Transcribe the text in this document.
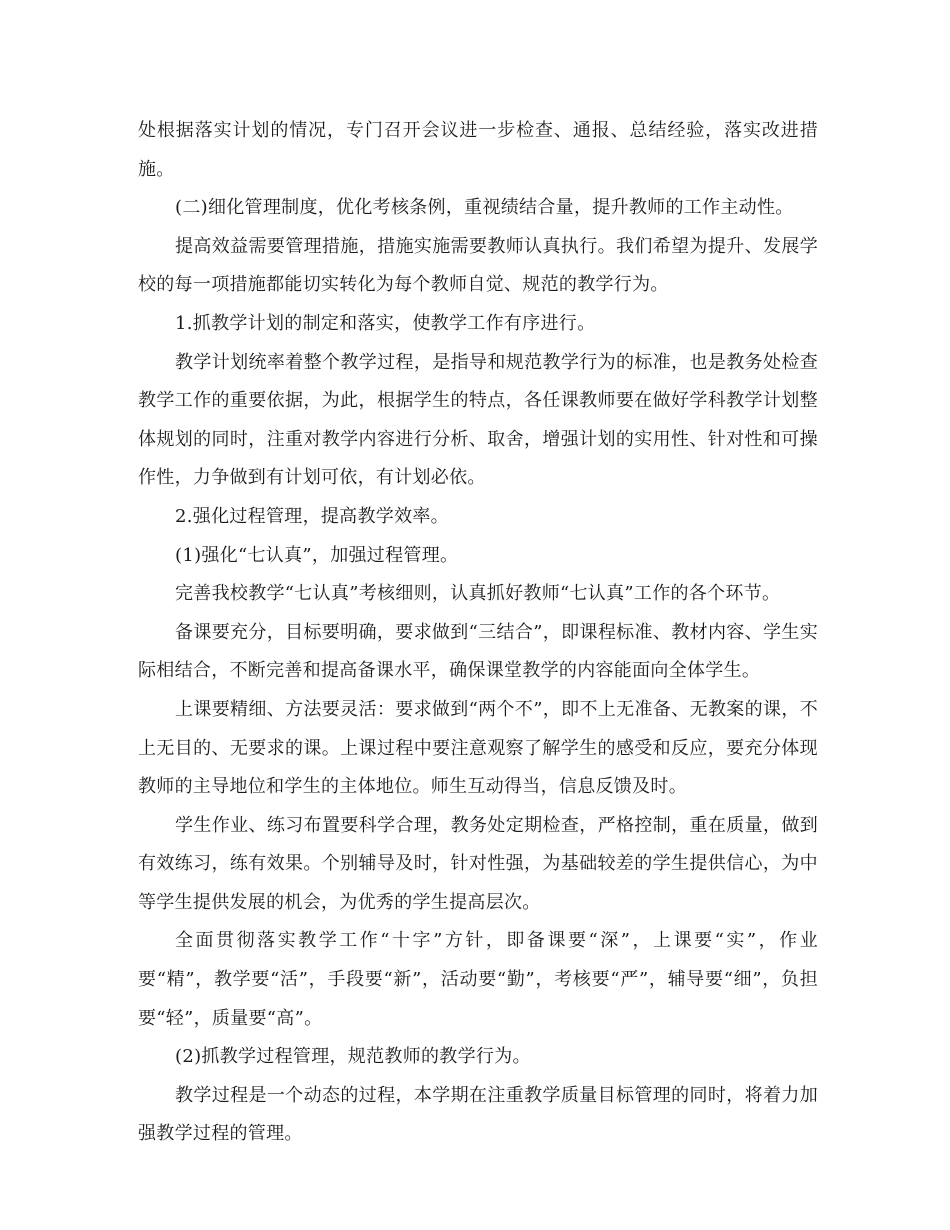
处根据落实计划的情况，专门召开会议进一步检查、通报、总结经验，落实改进措施。

(二)细化管理制度，优化考核条例，重视绩结合量，提升教师的工作主动性。

提高效益需要管理措施，措施实施需要教师认真执行。我们希望为提升、发展学校的每一项措施都能切实转化为每个教师自觉、规范的教学行为。

1.抓教学计划的制定和落实，使教学工作有序进行。

教学计划统率着整个教学过程，是指导和规范教学行为的标准，也是教务处检查教学工作的重要依据，为此，根据学生的特点，各任课教师要在做好学科教学计划整体规划的同时，注重对教学内容进行分析、取舍，增强计划的实用性、针对性和可操作性，力争做到有计划可依，有计划必依。

2.强化过程管理，提高教学效率。

(1)强化“七认真”，加强过程管理。

完善我校教学“七认真”考核细则，认真抓好教师“七认真”工作的各个环节。

备课要充分，目标要明确，要求做到“三结合”，即课程标准、教材内容、学生实际相结合，不断完善和提高备课水平，确保课堂教学的内容能面向全体学生。

上课要精细、方法要灵活：要求做到“两个不”，即不上无准备、无教案的课，不上无目的、无要求的课。上课过程中要注意观察了解学生的感受和反应，要充分体现教师的主导地位和学生的主体地位。师生互动得当，信息反馈及时。

学生作业、练习布置要科学合理，教务处定期检查，严格控制，重在质量，做到有效练习，练有效果。个别辅导及时，针对性强，为基础较差的学生提供信心，为中等学生提供发展的机会，为优秀的学生提高层次。

全面贯彻落实教学工作“十字”方针，即备课要“深”，上课要“实”，作业要“精”，教学要“活”，手段要“新”，活动要“勤”，考核要“严”，辅导要“细”，负担要“轻”，质量要“高”。

(2)抓教学过程管理，规范教师的教学行为。

教学过程是一个动态的过程，本学期在注重教学质量目标管理的同时，将着力加强教学过程的管理。
